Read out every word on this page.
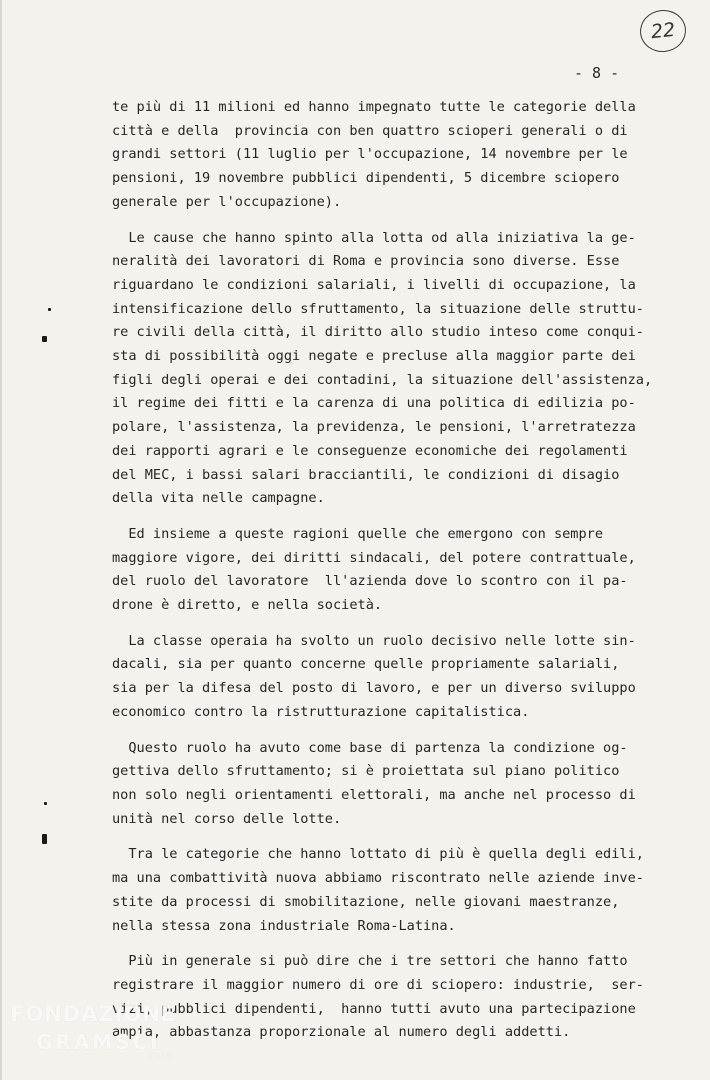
22
- 8 -
te più di 11 milioni ed hanno impegnato tutte le categorie della
città e della  provincia con ben quattro scioperi generali o di
grandi settori (11 luglio per l'occupazione, 14 novembre per le
pensioni, 19 novembre pubblici dipendenti, 5 dicembre sciopero
generale per l'occupazione).
Le cause che hanno spinto alla lotta od alla iniziativa la ge-
neralità dei lavoratori di Roma e provincia sono diverse. Esse
riguardano le condizioni salariali, i livelli di occupazione, la
intensificazione dello sfruttamento, la situazione delle struttu-
re civili della città, il diritto allo studio inteso come conqui-
sta di possibilità oggi negate e precluse alla maggior parte dei
figli degli operai e dei contadini, la situazione dell'assistenza,
il regime dei fitti e la carenza di una politica di edilizia po-
polare, l'assistenza, la previdenza, le pensioni, l'arretratezza
dei rapporti agrari e le conseguenze economiche dei regolamenti
del MEC, i bassi salari bracciantili, le condizioni di disagio
della vita nelle campagne.
Ed insieme a queste ragioni quelle che emergono con sempre
maggiore vigore, dei diritti sindacali, del potere contrattuale,
del ruolo del lavoratore  ll'azienda dove lo scontro con il pa-
drone è diretto, e nella società.
La classe operaia ha svolto un ruolo decisivo nelle lotte sin-
dacali, sia per quanto concerne quelle propriamente salariali,
sia per la difesa del posto di lavoro, e per un diverso sviluppo
economico contro la ristrutturazione capitalistica.
Questo ruolo ha avuto come base di partenza la condizione og-
gettiva dello sfruttamento; si è proiettata sul piano politico
non solo negli orientamenti elettorali, ma anche nel processo di
unità nel corso delle lotte.
Tra le categorie che hanno lottato di più è quella degli edili,
ma una combattività nuova abbiamo riscontrato nelle aziende inve-
stite da processi di smobilitazione, nelle giovani maestranze,
nella stessa zona industriale Roma-Latina.
Più in generale si può dire che i tre settori che hanno fatto
registrare il maggior numero di ore di sciopero: industrie,  ser-
vizi, pubblici dipendenti,  hanno tutti avuto una partecipazione
ampia, abbastanza proporzionale al numero degli addetti.
FONDAZIONE
GRAMSCI
onlus
